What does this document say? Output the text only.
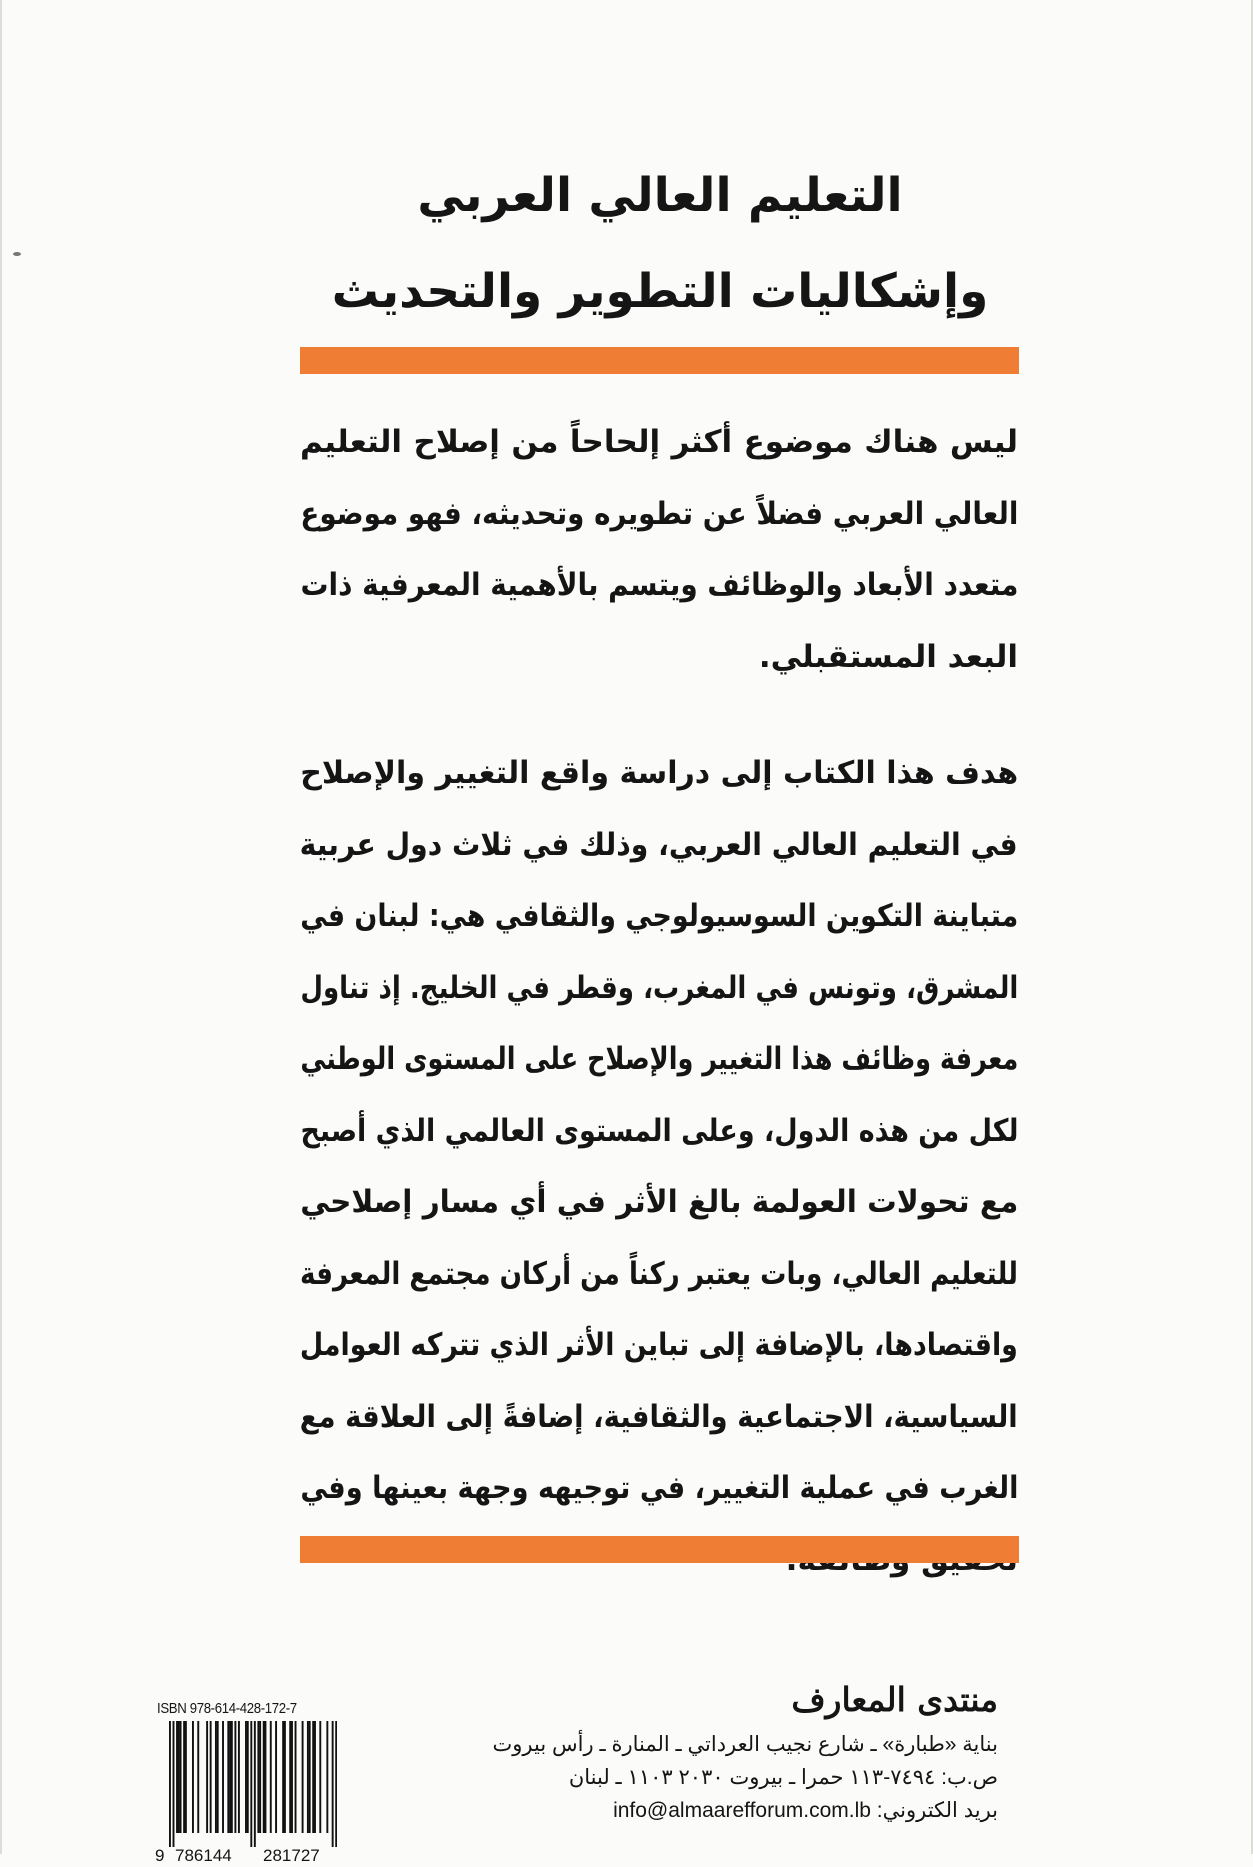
التعليم العالي العربي

وإشكاليات التطوير والتحديث

ليس هناك موضوع أكثر إلحاحاً من إصلاح التعليم

العالي العربي فضلاً عن تطويره وتحديثه، فهو موضوع

متعدد الأبعاد والوظائف ويتسم بالأهمية المعرفية ذات

البعد المستقبلي.

هدف هذا الكتاب إلى دراسة واقع التغيير والإصلاح

في التعليم العالي العربي، وذلك في ثلاث دول عربية

متباينة التكوين السوسيولوجي والثقافي هي: لبنان في

المشرق، وتونس في المغرب، وقطر في الخليج. إذ تناول

معرفة وظائف هذا التغيير والإصلاح على المستوى الوطني

لكل من هذه الدول، وعلى المستوى العالمي الذي أصبح

مع تحولات العولمة بالغ الأثر في أي مسار إصلاحي

للتعليم العالي، وبات يعتبر ركناً من أركان مجتمع المعرفة

واقتصادها، بالإضافة إلى تباين الأثر الذي تتركه العوامل

السياسية، الاجتماعية والثقافية، إضافةً إلى العلاقة مع

الغرب في عملية التغيير، في توجيهه وجهة بعينها وفي

ISBN 978-614-428-172-7

9 786144 281727

منتدى المعارف

بناية «طبارة» ـ شارع نجيب العرداتي ـ المنارة ـ رأس بيروت

ص.ب: ٧٤٩٤-١١٣ حمرا ـ بيروت ٢٠٣٠ ١١٠٣ ـ لبنان

بريد الكتروني: info@almaarefforum.com.lb
